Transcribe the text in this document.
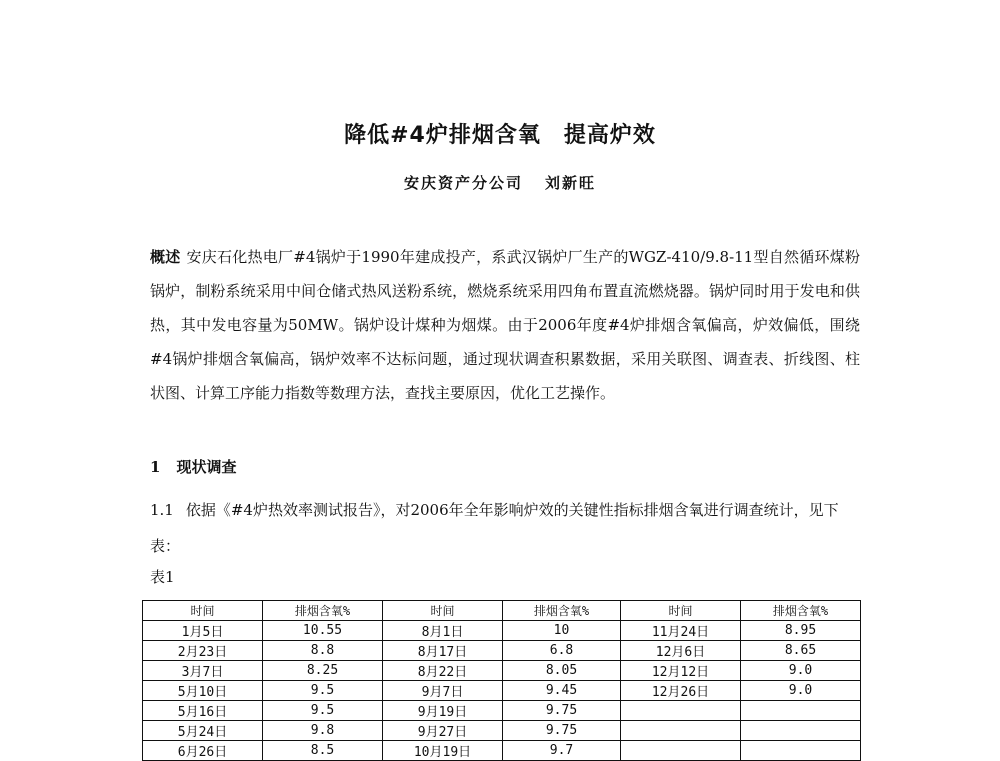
降低#4炉排烟含氧　提高炉效
安庆资产分公司 刘新旺
概述 安庆石化热电厂#4锅炉于1990年建成投产，系武汉锅炉厂生产的WGZ-410/9.8-11型自然循环煤粉锅炉，制粉系统采用中间仓储式热风送粉系统，燃烧系统采用四角布置直流燃烧器。锅炉同时用于发电和供热，其中发电容量为50MW。锅炉设计煤种为烟煤。由于2006年度#4炉排烟含氧偏高，炉效偏低，围绕#4锅炉排烟含氧偏高，锅炉效率不达标问题，通过现状调查积累数据，采用关联图、调查表、折线图、柱状图、计算工序能力指数等数理方法，查找主要原因，优化工艺操作。
1 现状调查
1.1 依据《#4炉热效率测试报告》，对2006年全年影响炉效的关键性指标排烟含氧进行调查统计，见下表：
表1
时间	排烟含氧%	时间	排烟含氧%	时间	排烟含氧%
1月5日	10.55	8月1日	10	11月24日	8.95
2月23日	8.8	8月17日	6.8	12月6日	8.65
3月7日	8.25	8月22日	8.05	12月12日	9.0
5月10日	9.5	9月7日	9.45	12月26日	9.0
5月16日	9.5	9月19日	9.75		
5月24日	9.8	9月27日	9.75		
6月26日	8.5	10月19日	9.7		
